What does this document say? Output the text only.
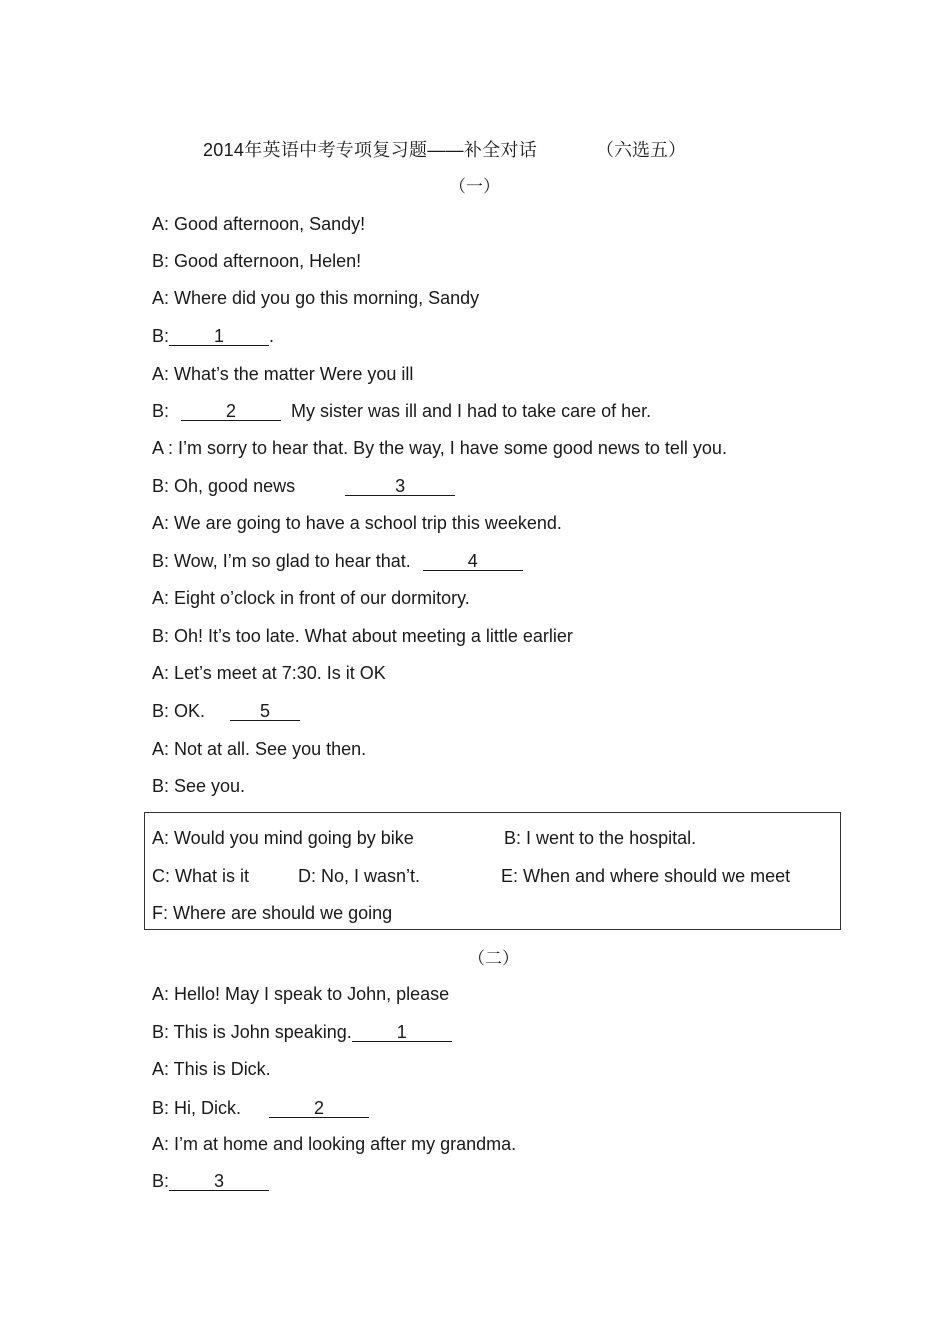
2014年英语中考专项复习题——补全对话	（六选五）
（一）
A: Good afternoon, Sandy!
B: Good afternoon, Helen!
A: Where did you go this morning, Sandy
B: 1	.
A: What’s the matter Were you ill
B:	2	My sister was ill and I had to take care of her.
A : I’m sorry to hear that. By the way, I have some good news to tell you.
B: Oh, good news	3
A: We are going to have a school trip this weekend.
B: Wow, I’m so glad to hear that.	4
A: Eight o’clock in front of our dormitory.
B: Oh! It’s too late. What about meeting a little earlier
A: Let’s meet at 7:30. Is it OK
B: OK.	5
A: Not at all. See you then.
B: See you.
A: Would you mind going by bike	B: I went to the hospital.
C: What is it	D: No, I wasn’t.	E: When and where should we meet
F: Where are should we going
（二）
A: Hello! May I speak to John, please
B: This is John speaking. 1
A: This is Dick.
B: Hi, Dick.	2
A: I’m at home and looking after my grandma.
B: 3
